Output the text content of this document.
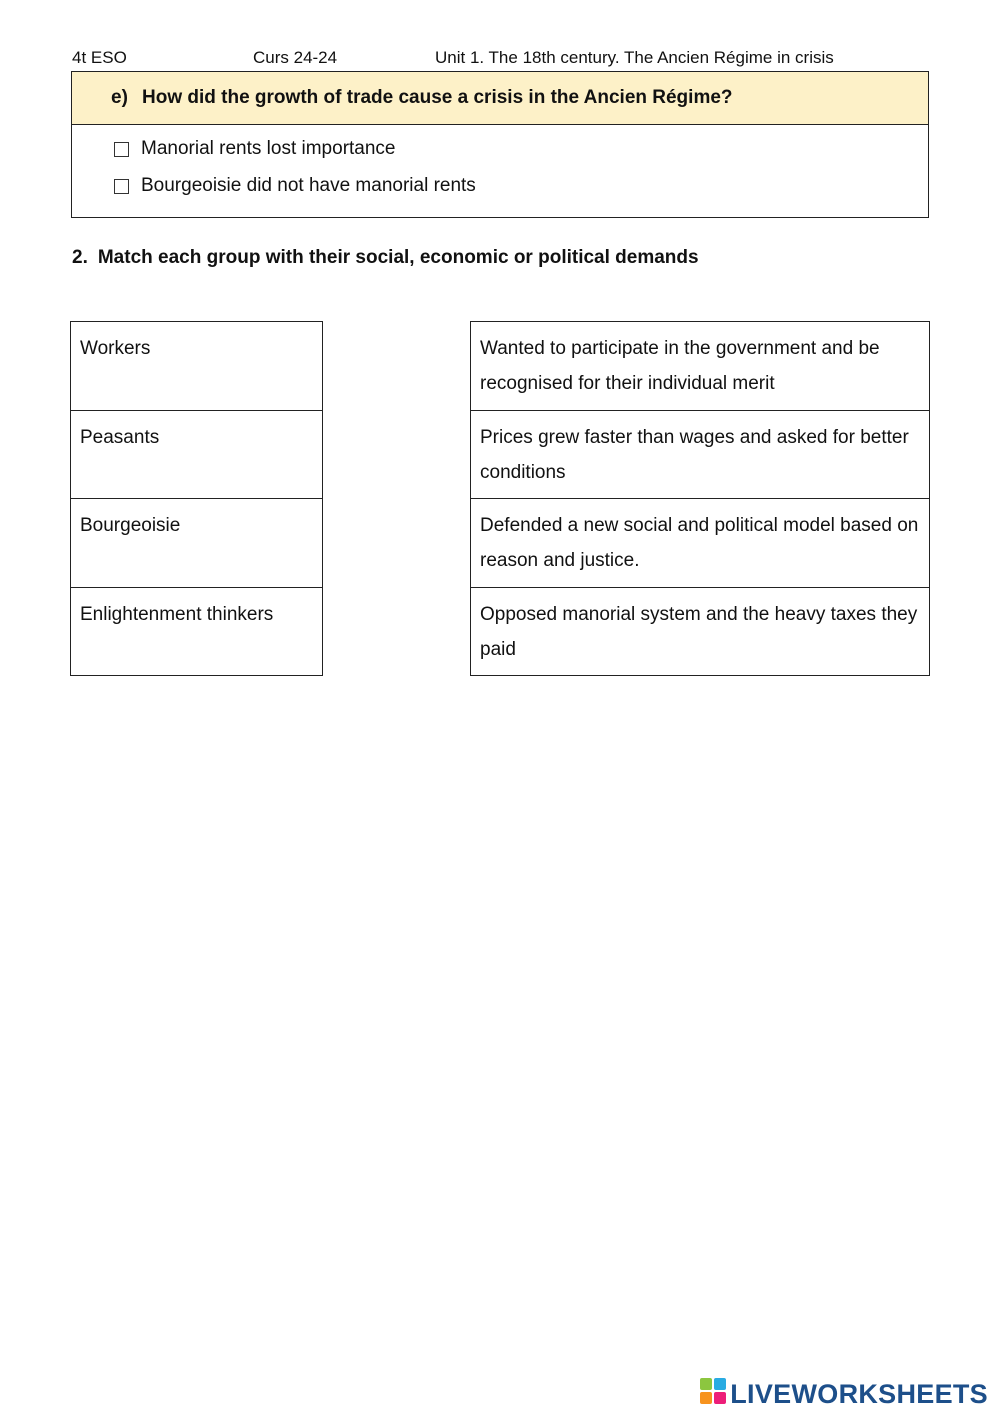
4t ESO	Curs 24-24	Unit 1. The 18th century. The Ancien Régime in crisis
e) How did the growth of trade cause a crisis in the Ancien Régime?
Manorial rents lost importance
Bourgeoisie did not have manorial rents
2. Match each group with their social, economic or political demands
Workers
Peasants
Bourgeoisie
Enlightenment thinkers
Wanted to participate in the government and be recognised for their individual merit
Prices grew faster than wages and asked for better conditions
Defended a new social and political model based on reason and justice.
Opposed manorial system and the heavy taxes they paid
LIVEWORKSHEETS
